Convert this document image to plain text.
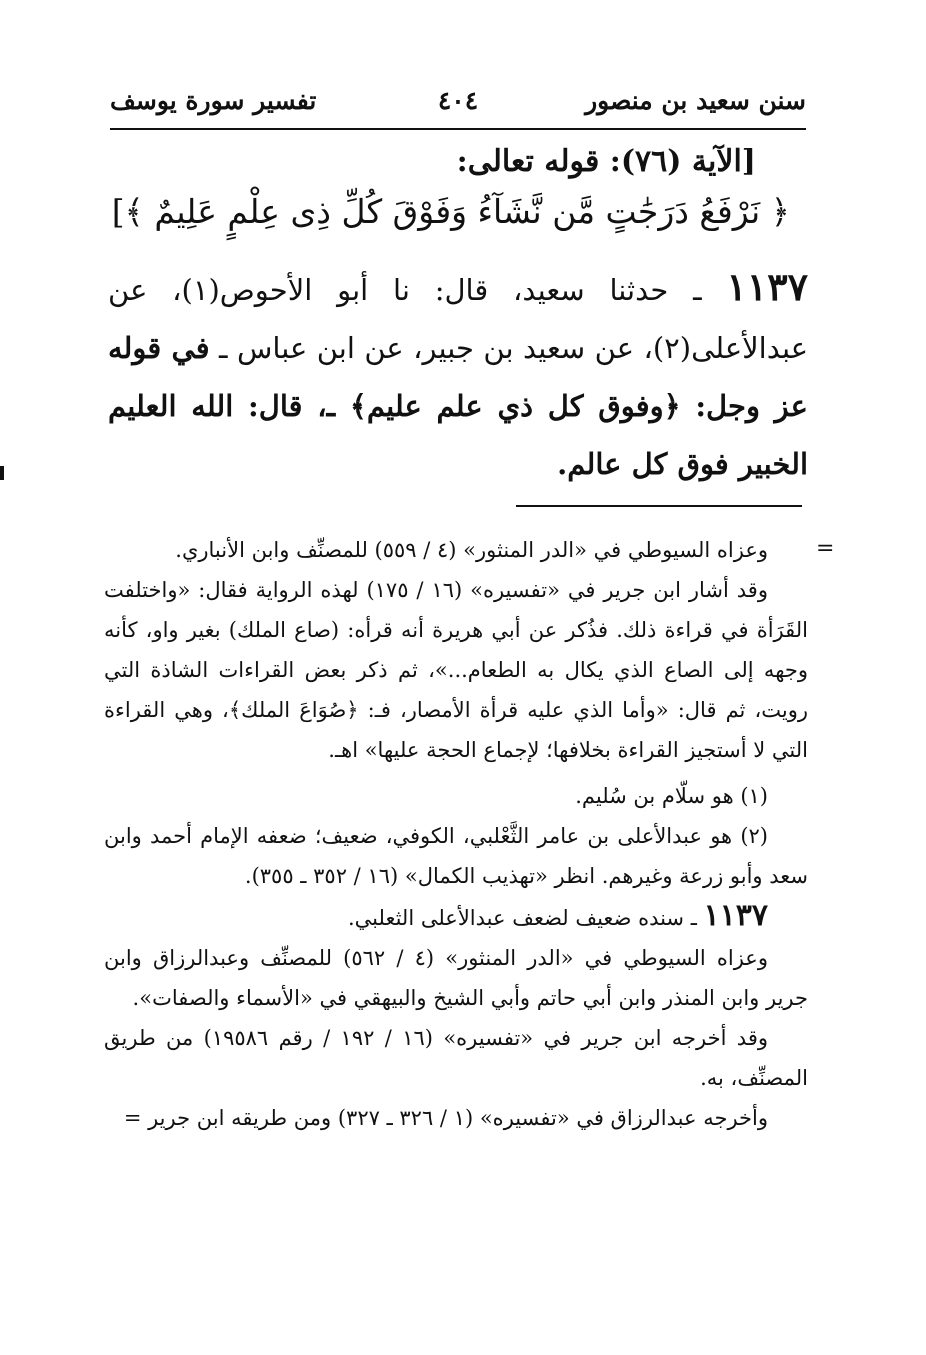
سنن سعيد بن منصور
٤٠٤
تفسير سورة يوسف
[الآية (٧٦): قوله تعالى:
﴿ نَرْفَعُ دَرَجَٰتٍ مَّن نَّشَآءُ وَفَوْقَ كُلِّ ذِى عِلْمٍ عَلِيمٌ ﴾]
١١٣٧ ـ حدثنا سعيد، قال: نا أبو الأحوص(١)، عن عبدالأعلى(٢)، عن سعيد بن جبير، عن ابن عباس ـ في قوله عز وجل: ﴿وفوق كل ذي علم عليم﴾ ـ، قال: الله العليم الخبير فوق كل عالم.
=

وعزاه السيوطي في «الدر المنثور» (٤ / ٥٥٩) للمصنِّف وابن الأنباري.

وقد أشار ابن جرير في «تفسيره» (١٦ / ١٧٥) لهذه الرواية فقال: «واختلفت القَرَأة في قراءة ذلك. فذُكر عن أبي هريرة أنه قرأه: (صاع الملك) بغير واو، كأنه وجهه إلى الصاع الذي يكال به الطعام...»، ثم ذكر بعض القراءات الشاذة التي رويت، ثم قال: «وأما الذي عليه قرأة الأمصار، فـ: ﴿صُوَاعَ الملك﴾، وهي القراءة التي لا أستجيز القراءة بخلافها؛ لإجماع الحجة عليها» اهـ.

(١) هو سلّام بن سُليم.

(٢) هو عبدالأعلى بن عامر الثَّعْلبي، الكوفي، ضعيف؛ ضعفه الإمام أحمد وابن سعد وأبو زرعة وغيرهم. انظر «تهذيب الكمال» (١٦ / ٣٥٢ ـ ٣٥٥).

١١٣٧ ـ سنده ضعيف لضعف عبدالأعلى الثعلبي.

وعزاه السيوطي في «الدر المنثور» (٤ / ٥٦٢) للمصنِّف وعبدالرزاق وابن جرير وابن المنذر وابن أبي حاتم وأبي الشيخ والبيهقي في «الأسماء والصفات».

وقد أخرجه ابن جرير في «تفسيره» (١٦ / ١٩٢ / رقم ١٩٥٨٦) من طريق المصنِّف، به.

وأخرجه عبدالرزاق في «تفسيره» (١ / ٣٢٦ ـ ٣٢٧) ومن طريقه ابن جرير =
